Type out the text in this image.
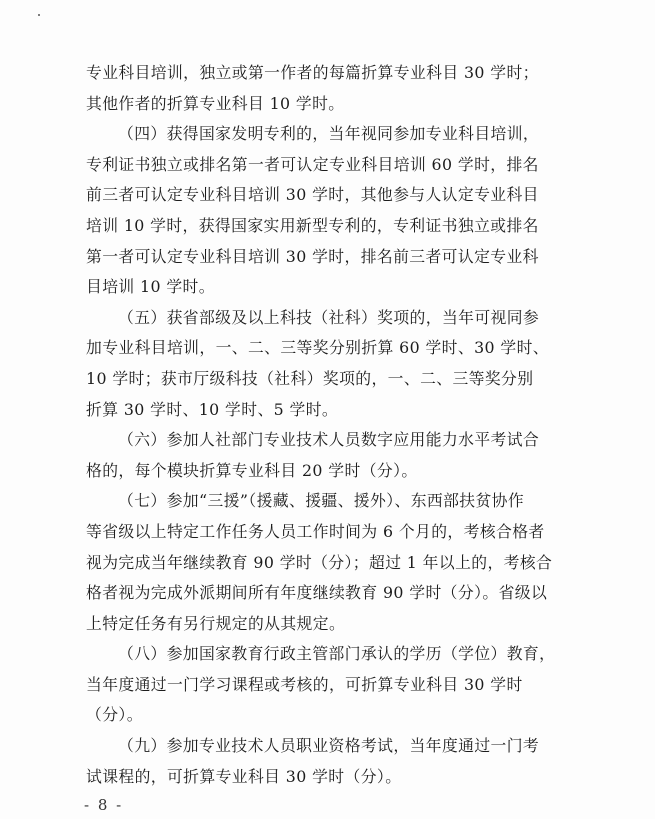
专业科目培训，独立或第一作者的每篇折算专业科目 30 学时；
其他作者的折算专业科目 10 学时。

（四）获得国家发明专利的，当年视同参加专业科目培训，
专利证书独立或排名第一者可认定专业科目培训 60 学时，排名
前三者可认定专业科目培训 30 学时，其他参与人认定专业科目
培训 10 学时，获得国家实用新型专利的，专利证书独立或排名
第一者可认定专业科目培训 30 学时，排名前三者可认定专业科
目培训 10 学时。

（五）获省部级及以上科技（社科）奖项的，当年可视同参
加专业科目培训，一、二、三等奖分别折算 60 学时、30 学时、
10 学时；获市厅级科技（社科）奖项的，一、二、三等奖分别
折算 30 学时、10 学时、5 学时。

（六）参加人社部门专业技术人员数字应用能力水平考试合
格的，每个模块折算专业科目 20 学时（分）。

（七）参加“三援”（援藏、援疆、援外）、东西部扶贫协作
等省级以上特定工作任务人员工作时间为 6 个月的，考核合格者
视为完成当年继续教育 90 学时（分）；超过 1 年以上的，考核合
格者视为完成外派期间所有年度继续教育 90 学时（分）。省级以
上特定任务有另行规定的从其规定。

（八）参加国家教育行政主管部门承认的学历（学位）教育，
当年度通过一门学习课程或考核的，可折算专业科目 30 学时
（分）。

（九）参加专业技术人员职业资格考试，当年度通过一门考
试课程的，可折算专业科目 30 学时（分）。

- 8 -
